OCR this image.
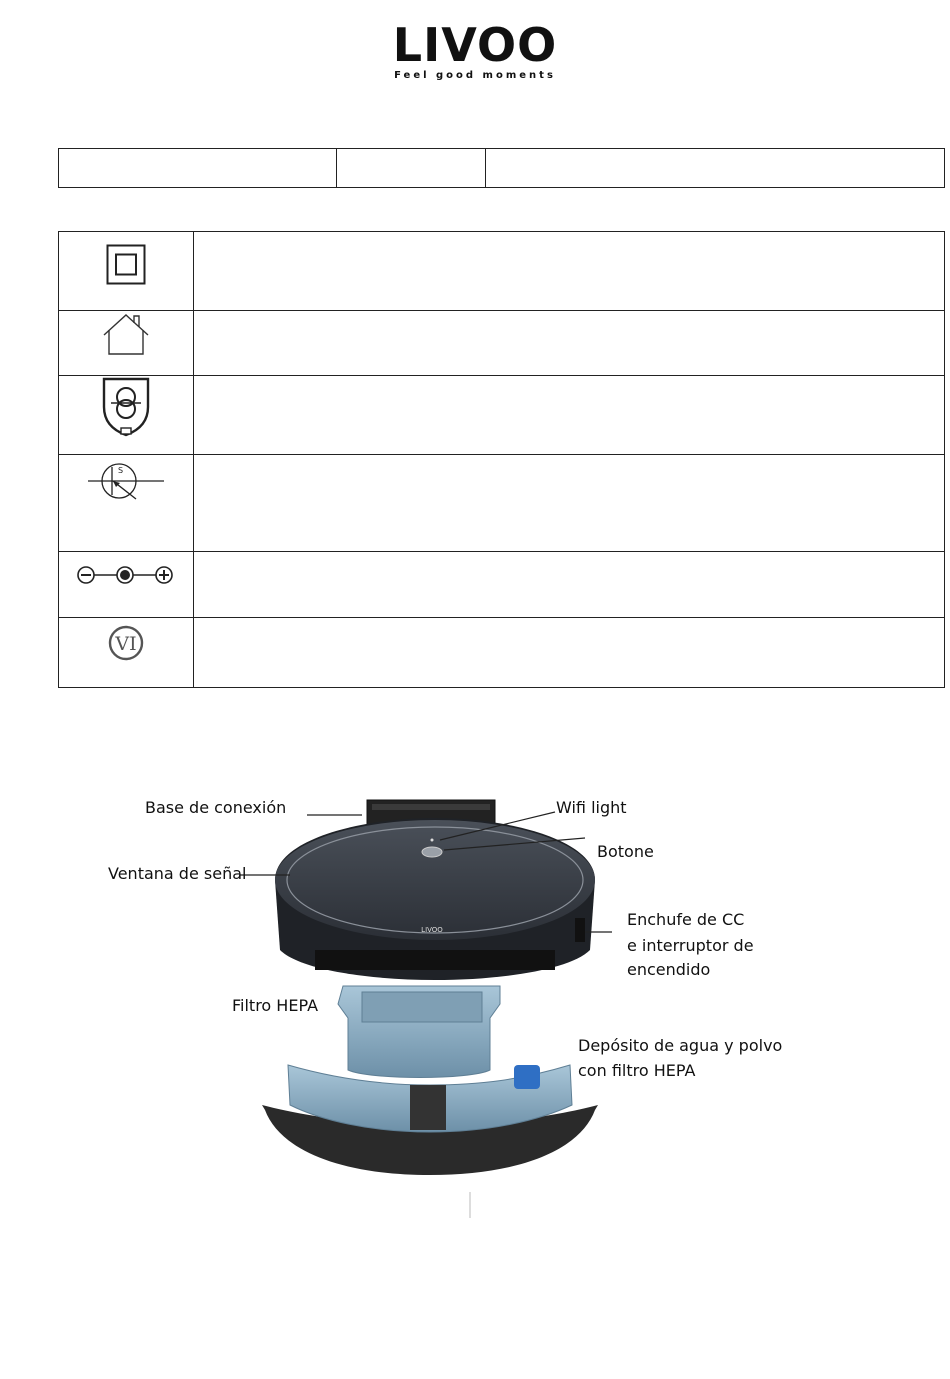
LIVOO
Feel good moments

S	

VI	

LIVOO
Base de conexión	Wifi light
Botone
Ventana de señal
Enchufe de CC
e interruptor de
encendido
Filtro HEPA
Depósito de agua y polvo
con filtro HEPA
